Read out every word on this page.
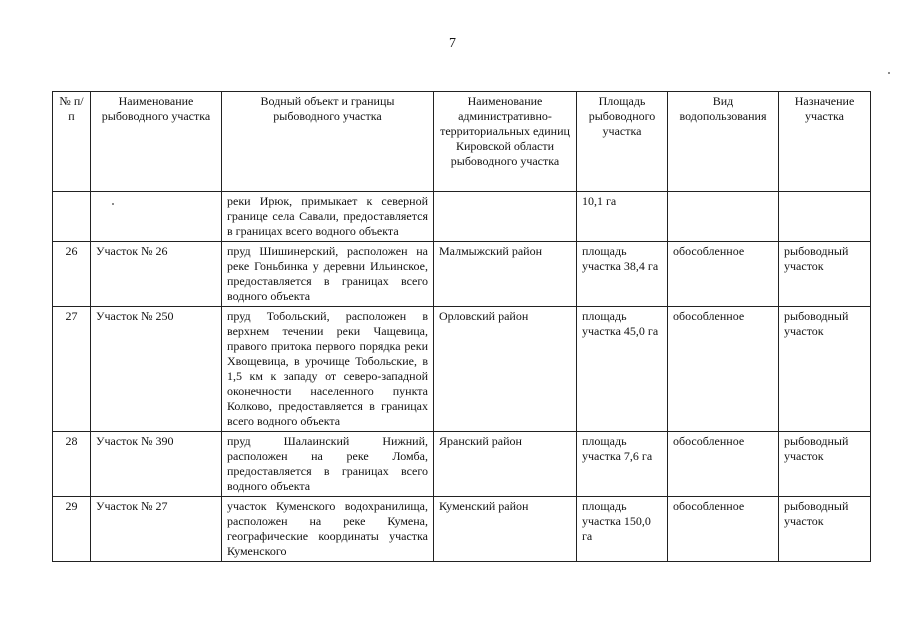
7
№ п/п	Наименование рыбоводного участка	Водный объект и границы рыбоводного участка	Наименование административно-территориальных единиц Кировской области рыбоводного участка	Площадь рыбоводного участка	Вид водопользования	Назначение участка
		реки Ирюк, примыкает к северной границе села Савали, предоставляется в границах всего водного объекта		10,1 га		
26	Участок № 26	пруд Шишинерский, расположен на реке Гоньбинка у деревни Ильинское, предоставляется в границах всего водного объекта	Малмыжский район	площадь участка 38,4 га	обособленное	рыбоводный участок
27	Участок № 250	пруд Тобольский, расположен в верхнем течении реки Чащевица, правого притока первого порядка реки Хвощевица, в урочище Тобольские, в 1,5 км к западу от северо-западной оконечности населенного пункта Колково, предоставляется в границах всего водного объекта	Орловский район	площадь участка 45,0 га	обособленное	рыбоводный участок
28	Участок № 390	пруд Шалаинский Нижний, расположен на реке Ломба, предоставляется в границах всего водного объекта	Яранский район	площадь участка 7,6 га	обособленное	рыбоводный участок
29	Участок № 27	участок Куменского водохранилища, расположен на реке Кумена, географические координаты участка Куменского	Куменский район	площадь участка 150,0 га	обособленное	рыбоводный участок
